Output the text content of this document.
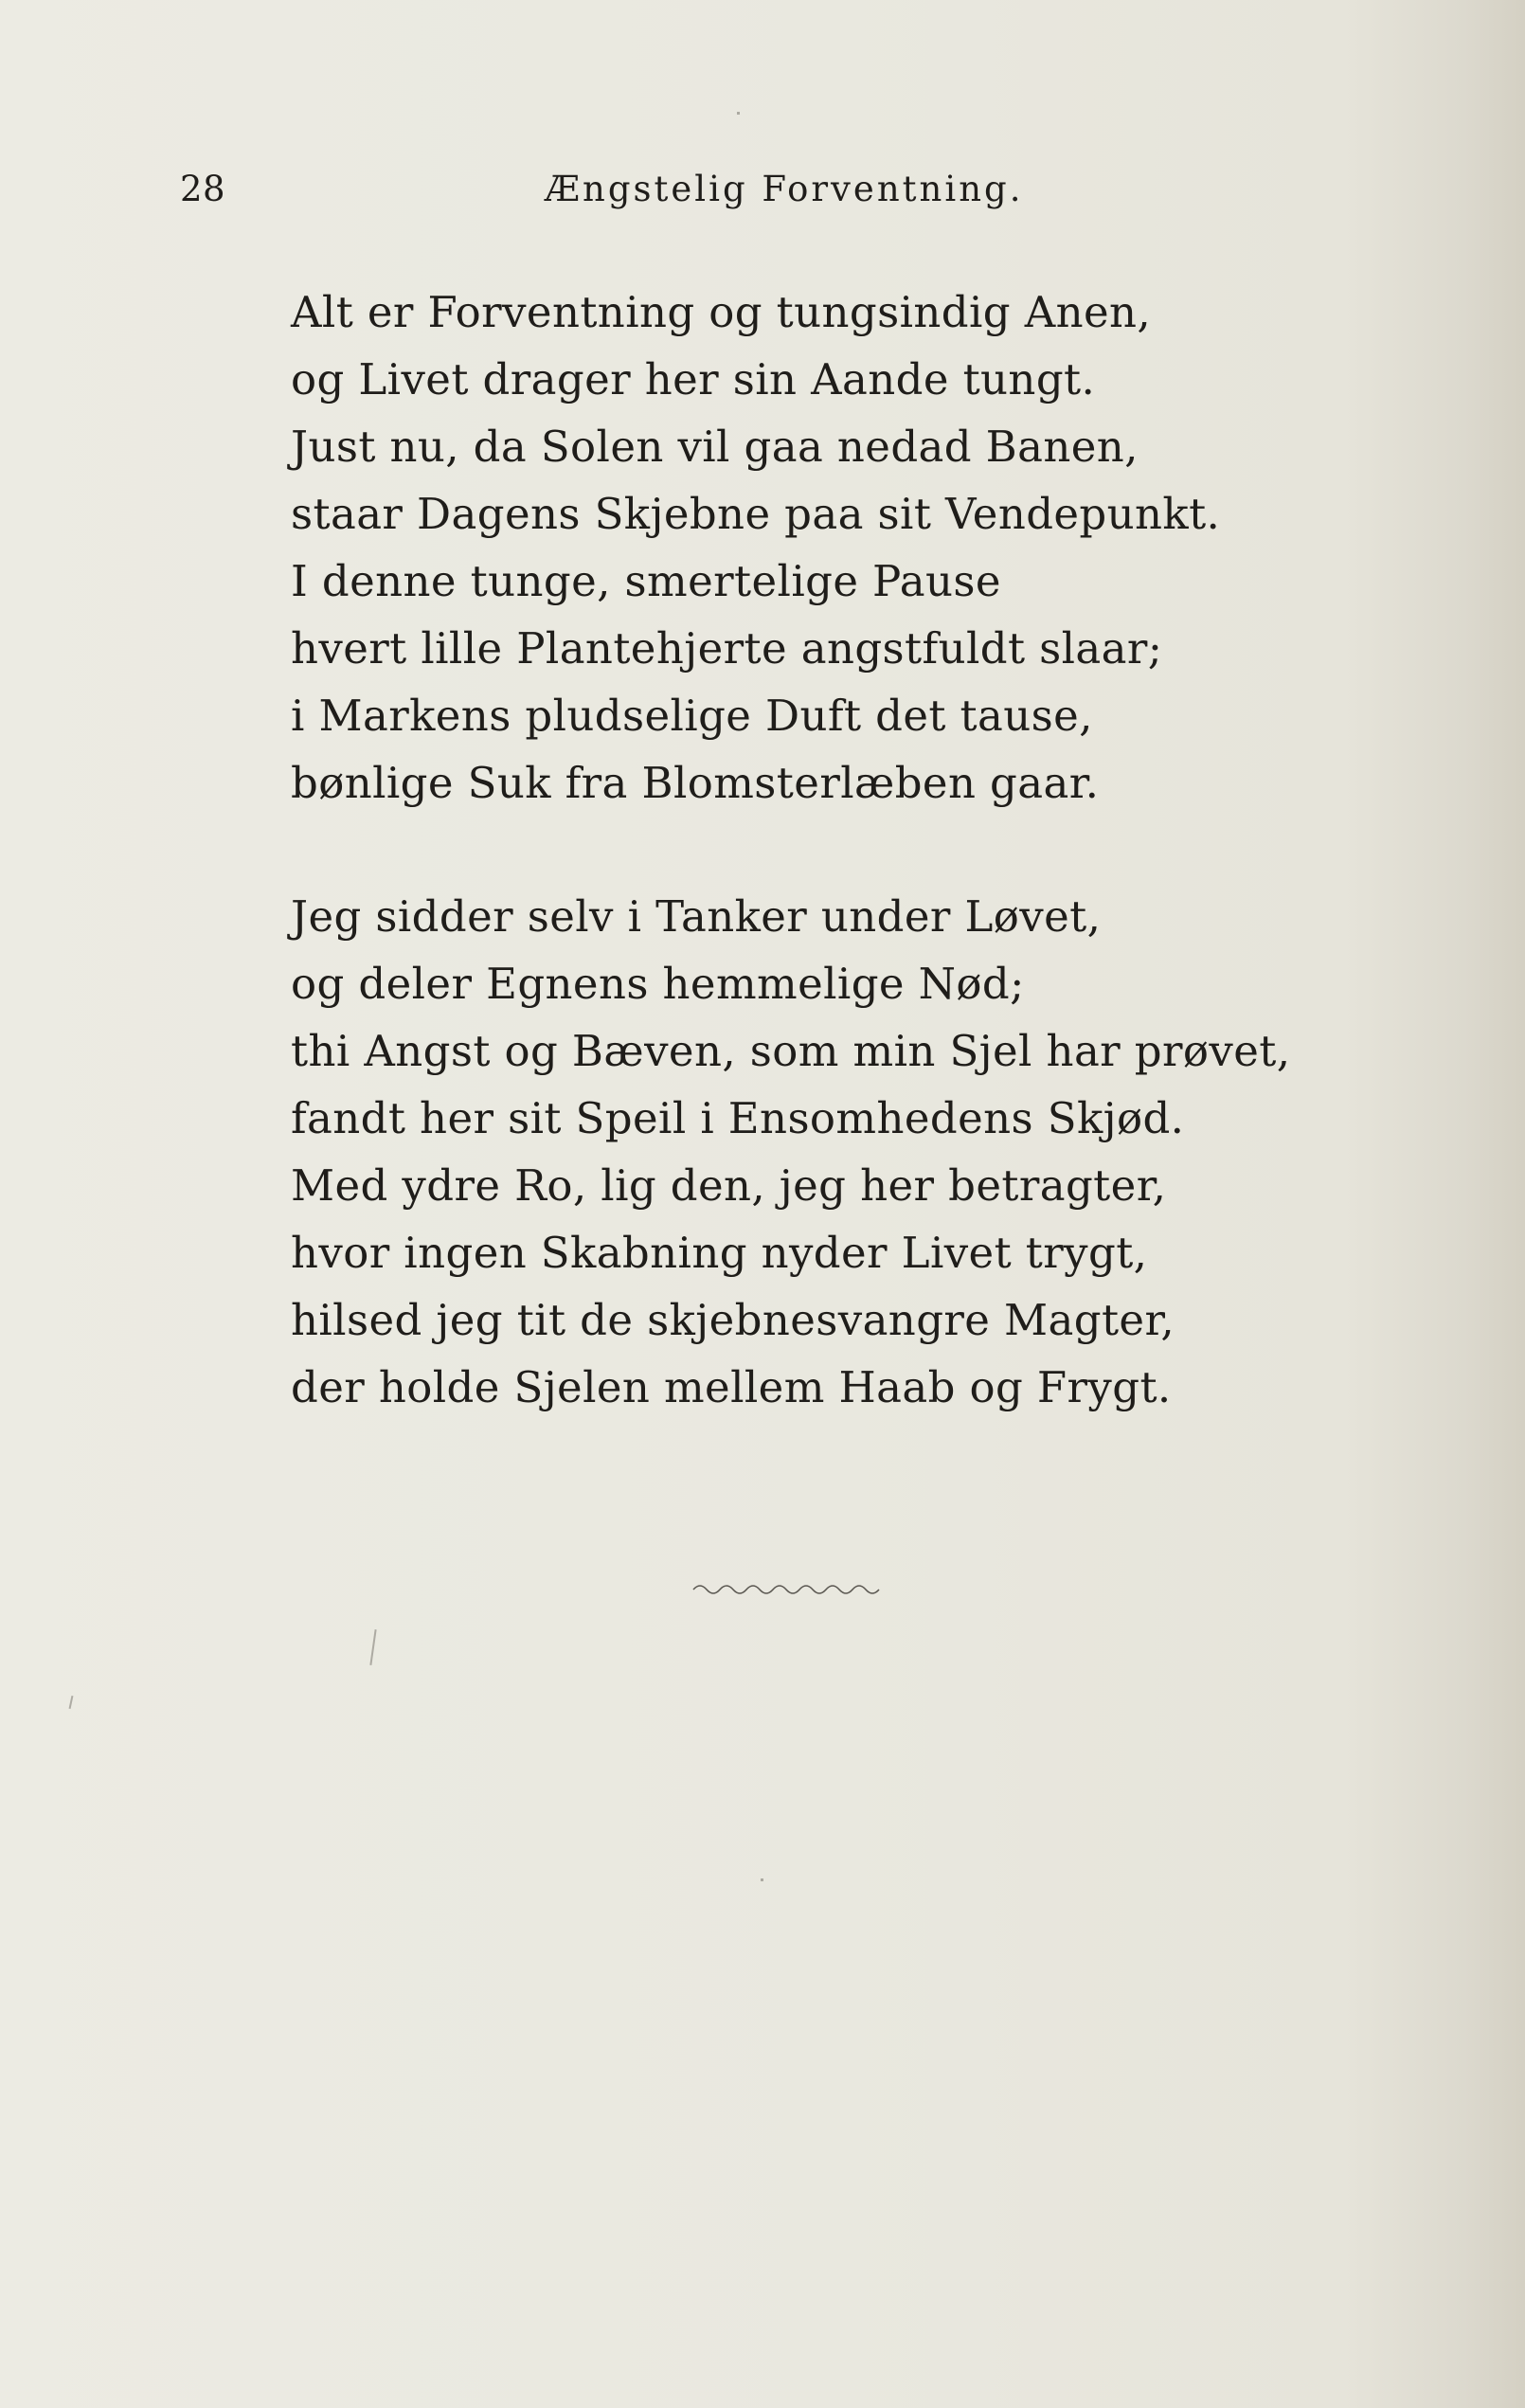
28	Ængstelig Forventning.
Alt er Forventning og tungsindig Anen,
og Livet drager her sin Aande tungt.
Just nu, da Solen vil gaa nedad Banen,
staar Dagens Skjebne paa sit Vendepunkt.
I denne tunge, smertelige Pause
hvert lille Plantehjerte angstfuldt slaar;
i Markens pludselige Duft det tause,
bønlige Suk fra Blomsterlæben gaar.
Jeg sidder selv i Tanker under Løvet,
og deler Egnens hemmelige Nød;
thi Angst og Bæven, som min Sjel har prøvet,
fandt her sit Speil i Ensomhedens Skjød.
Med ydre Ro, lig den, jeg her betragter,
hvor ingen Skabning nyder Livet trygt,
hilsed jeg tit de skjebnesvangre Magter,
der holde Sjelen mellem Haab og Frygt.
